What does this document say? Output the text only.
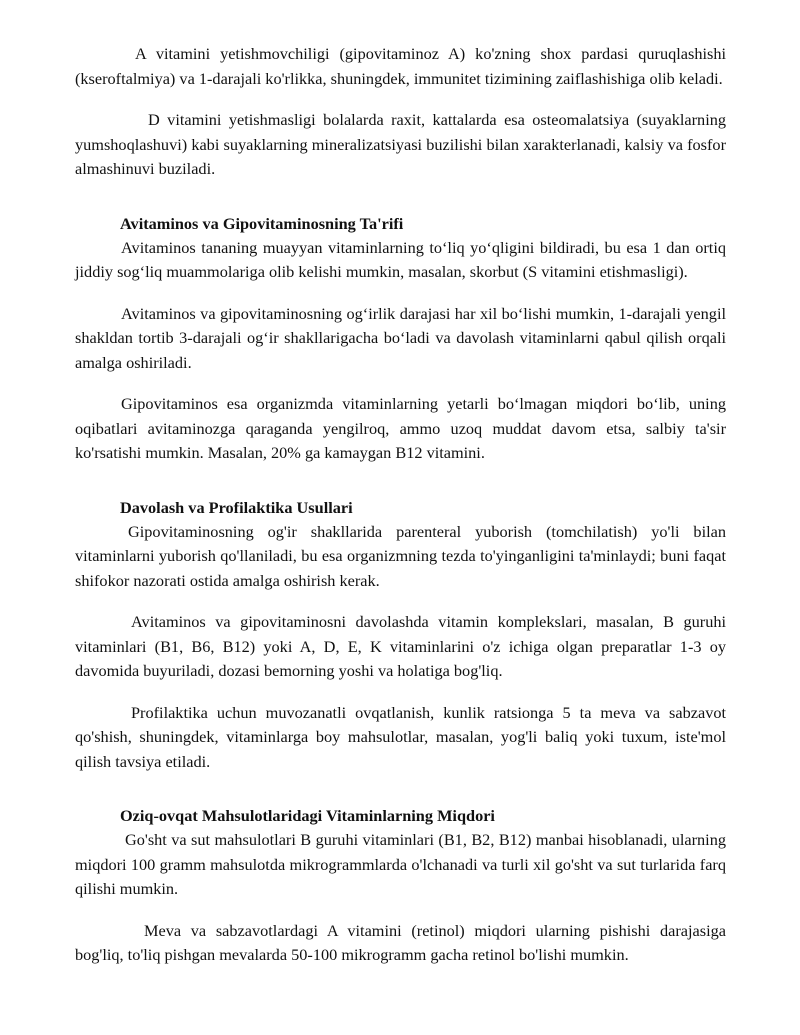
A vitamini yetishmovchiligi (gipovitaminoz A) ko'zning shox pardasi quruqlashishi (kseroftalmiya) va 1-darajali ko'rlikka, shuningdek, immunitet tizimining zaiflashishiga olib keladi.

D vitamini yetishmasligi bolalarda raxit, kattalarda esa osteomalatsiya (suyaklarning yumshoqlashuvi) kabi suyaklarning mineralizatsiyasi buzilishi bilan xarakterlanadi, kalsiy va fosfor almashinuvi buziladi.

Avitaminos va Gipovitaminosning Ta'rifi

Avitaminos tananing muayyan vitaminlarning to‘liq yo‘qligini bildiradi, bu esa 1 dan ortiq jiddiy sog‘liq muammolariga olib kelishi mumkin, masalan, skorbut (S vitamini etishmasligi).

Avitaminos va gipovitaminosning og‘irlik darajasi har xil bo‘lishi mumkin, 1-darajali yengil shakldan tortib 3-darajali og‘ir shakllarigacha bo‘ladi va davolash vitaminlarni qabul qilish orqali amalga oshiriladi.

Gipovitaminos esa organizmda vitaminlarning yetarli bo‘lmagan miqdori bo‘lib, uning oqibatlari avitaminozga qaraganda yengilroq, ammo uzoq muddat davom etsa, salbiy ta'sir ko'rsatishi mumkin. Masalan, 20% ga kamaygan B12 vitamini.

Davolash va Profilaktika Usullari

Gipovitaminosning og'ir shakllarida parenteral yuborish (tomchilatish) yo'li bilan vitaminlarni yuborish qo'llaniladi, bu esa organizmning tezda to'yinganligini ta'minlaydi; buni faqat shifokor nazorati ostida amalga oshirish kerak.

Avitaminos va gipovitaminosni davolashda vitamin komplekslari, masalan, B guruhi vitaminlari (B1, B6, B12) yoki A, D, E, K vitaminlarini o'z ichiga olgan preparatlar 1-3 oy davomida buyuriladi, dozasi bemorning yoshi va holatiga bog'liq.

Profilaktika uchun muvozanatli ovqatlanish, kunlik ratsionga 5 ta meva va sabzavot qo'shish, shuningdek, vitaminlarga boy mahsulotlar, masalan, yog'li baliq yoki tuxum, iste'mol qilish tavsiya etiladi.

Oziq-ovqat Mahsulotlaridagi Vitaminlarning Miqdori

Go'sht va sut mahsulotlari B guruhi vitaminlari (B1, B2, B12) manbai hisoblanadi, ularning miqdori 100 gramm mahsulotda mikrogrammlarda o'lchanadi va turli xil go'sht va sut turlarida farq qilishi mumkin.

Meva va sabzavotlardagi A vitamini (retinol) miqdori ularning pishishi darajasiga bog'liq, to'liq pishgan mevalarda 50-100 mikrogramm gacha retinol bo'lishi mumkin.
